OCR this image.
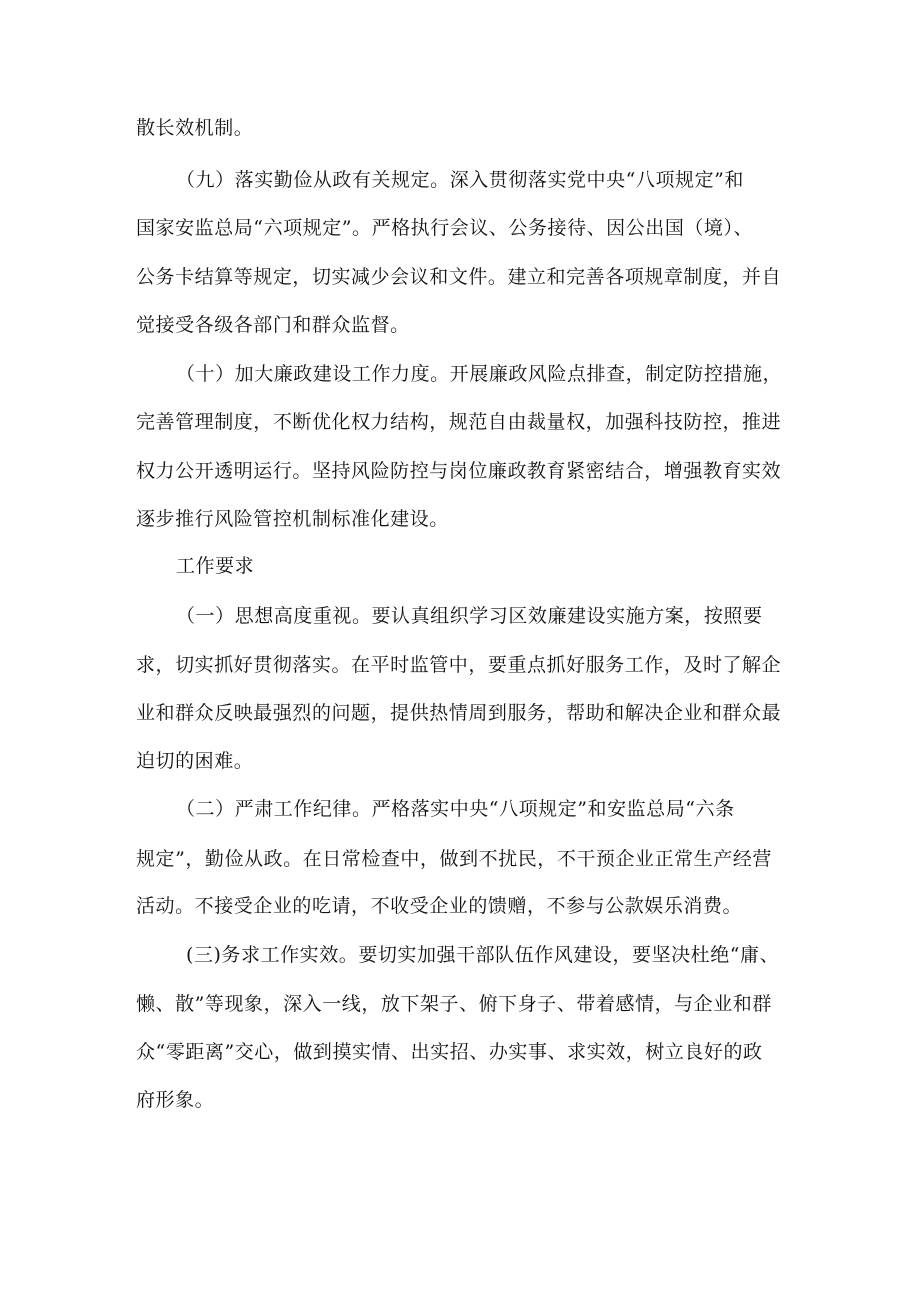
散长效机制。

（九）落实勤俭从政有关规定。深入贯彻落实党中央“八项规定”和

国家安监总局“六项规定”。严格执行会议、公务接待、因公出国（境）、

公务卡结算等规定，切实减少会议和文件。建立和完善各项规章制度，并自

觉接受各级各部门和群众监督。

（十）加大廉政建设工作力度。开展廉政风险点排查，制定防控措施，

完善管理制度，不断优化权力结构，规范自由裁量权，加强科技防控，推进

权力公开透明运行。坚持风险防控与岗位廉政教育紧密结合，增强教育实效

逐步推行风险管控机制标准化建设。

工作要求

（一）思想高度重视。要认真组织学习区效廉建设实施方案，按照要

求，切实抓好贯彻落实。在平时监管中，要重点抓好服务工作，及时了解企

业和群众反映最强烈的问题，提供热情周到服务，帮助和解决企业和群众最

迫切的困难。

（二）严肃工作纪律。严格落实中央“八项规定”和安监总局“六条

规定”，勤俭从政。在日常检查中，做到不扰民，不干预企业正常生产经营

活动。不接受企业的吃请，不收受企业的馈赠，不参与公款娱乐消费。

(三)务求工作实效。要切实加强干部队伍作风建设，要坚决杜绝“庸、

懒、散”等现象，深入一线，放下架子、俯下身子、带着感情，与企业和群

众“零距离”交心，做到摸实情、出实招、办实事、求实效，树立良好的政

府形象。
